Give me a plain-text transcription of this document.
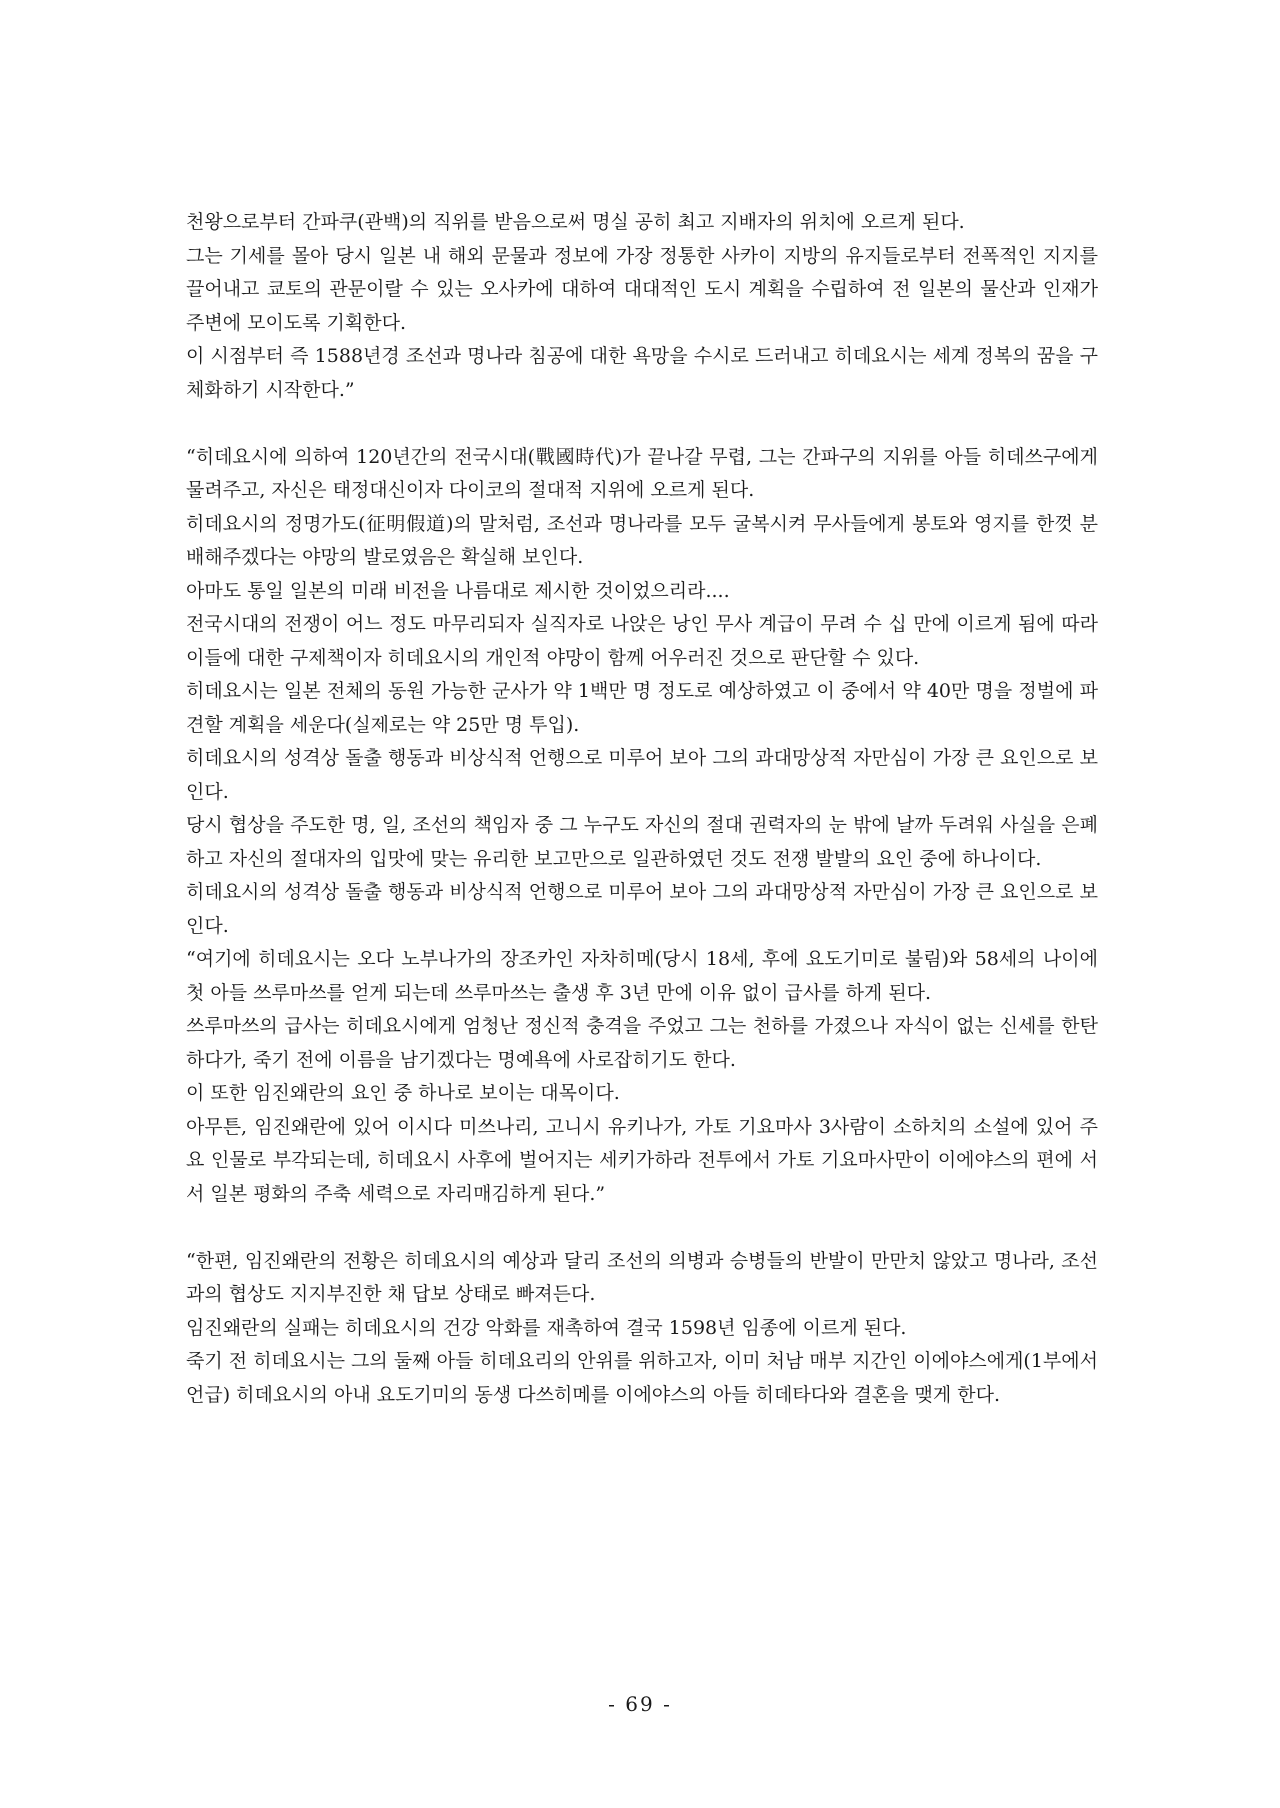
천왕으로부터 간파쿠(관백)의 직위를 받음으로써 명실 공히 최고 지배자의 위치에 오르게 된다.

그는 기세를 몰아 당시 일본 내 해외 문물과 정보에 가장 정통한 사카이 지방의 유지들로부터 전폭적인 지지를 끌어내고 쿄토의 관문이랄 수 있는 오사카에 대하여 대대적인 도시 계획을 수립하여 전 일본의 물산과 인재가 주변에 모이도록 기획한다.

이 시점부터 즉 1588년경 조선과 명나라 침공에 대한 욕망을 수시로 드러내고 히데요시는 세계 정복의 꿈을 구체화하기 시작한다.”

“히데요시에 의하여 120년간의 전국시대(戰國時代)가 끝나갈 무렵, 그는 간파구의 지위를 아들 히데쓰구에게 물려주고, 자신은 태정대신이자 다이코의 절대적 지위에 오르게 된다.

히데요시의 정명가도(征明假道)의 말처럼, 조선과 명나라를 모두 굴복시켜 무사들에게 봉토와 영지를 한껏 분배해주겠다는 야망의 발로였음은 확실해 보인다.

아마도 통일 일본의 미래 비전을 나름대로 제시한 것이었으리라....

전국시대의 전쟁이 어느 정도 마무리되자 실직자로 나앉은 낭인 무사 계급이 무려 수 십 만에 이르게 됨에 따라 이들에 대한 구제책이자 히데요시의 개인적 야망이 함께 어우러진 것으로 판단할 수 있다.

히데요시는 일본 전체의 동원 가능한 군사가 약 1백만 명 정도로 예상하였고 이 중에서 약 40만 명을 정벌에 파견할 계획을 세운다(실제로는 약 25만 명 투입).

히데요시의 성격상 돌출 행동과 비상식적 언행으로 미루어 보아 그의 과대망상적 자만심이 가장 큰 요인으로 보인다.

당시 협상을 주도한 명, 일, 조선의 책임자 중 그 누구도 자신의 절대 권력자의 눈 밖에 날까 두려워 사실을 은폐하고 자신의 절대자의 입맛에 맞는 유리한 보고만으로 일관하였던 것도 전쟁 발발의 요인 중에 하나이다.

히데요시의 성격상 돌출 행동과 비상식적 언행으로 미루어 보아 그의 과대망상적 자만심이 가장 큰 요인으로 보인다.

“여기에 히데요시는 오다 노부나가의 장조카인 자차히메(당시 18세, 후에 요도기미로 불림)와 58세의 나이에 첫 아들 쓰루마쓰를 얻게 되는데 쓰루마쓰는 출생 후 3년 만에 이유 없이 급사를 하게 된다.

쓰루마쓰의 급사는 히데요시에게 엄청난 정신적 충격을 주었고 그는 천하를 가졌으나 자식이 없는 신세를 한탄하다가, 죽기 전에 이름을 남기겠다는 명예욕에 사로잡히기도 한다.

이 또한 임진왜란의 요인 중 하나로 보이는 대목이다.

아무튼, 임진왜란에 있어 이시다 미쓰나리, 고니시 유키나가, 가토 기요마사 3사람이 소하치의 소설에 있어 주요 인물로 부각되는데, 히데요시 사후에 벌어지는 세키가하라 전투에서 가토 기요마사만이 이에야스의 편에 서서 일본 평화의 주축 세력으로 자리매김하게 된다.”

“한편, 임진왜란의 전황은 히데요시의 예상과 달리 조선의 의병과 승병들의 반발이 만만치 않았고 명나라, 조선과의 협상도 지지부진한 채 답보 상태로 빠져든다.

임진왜란의 실패는 히데요시의 건강 악화를 재촉하여 결국 1598년 임종에 이르게 된다.

죽기 전 히데요시는 그의 둘째 아들 히데요리의 안위를 위하고자, 이미 처남 매부 지간인 이에야스에게(1부에서 언급) 히데요시의 아내 요도기미의 동생 다쓰히메를 이에야스의 아들 히데타다와 결혼을 맺게 한다.

- 69 -
